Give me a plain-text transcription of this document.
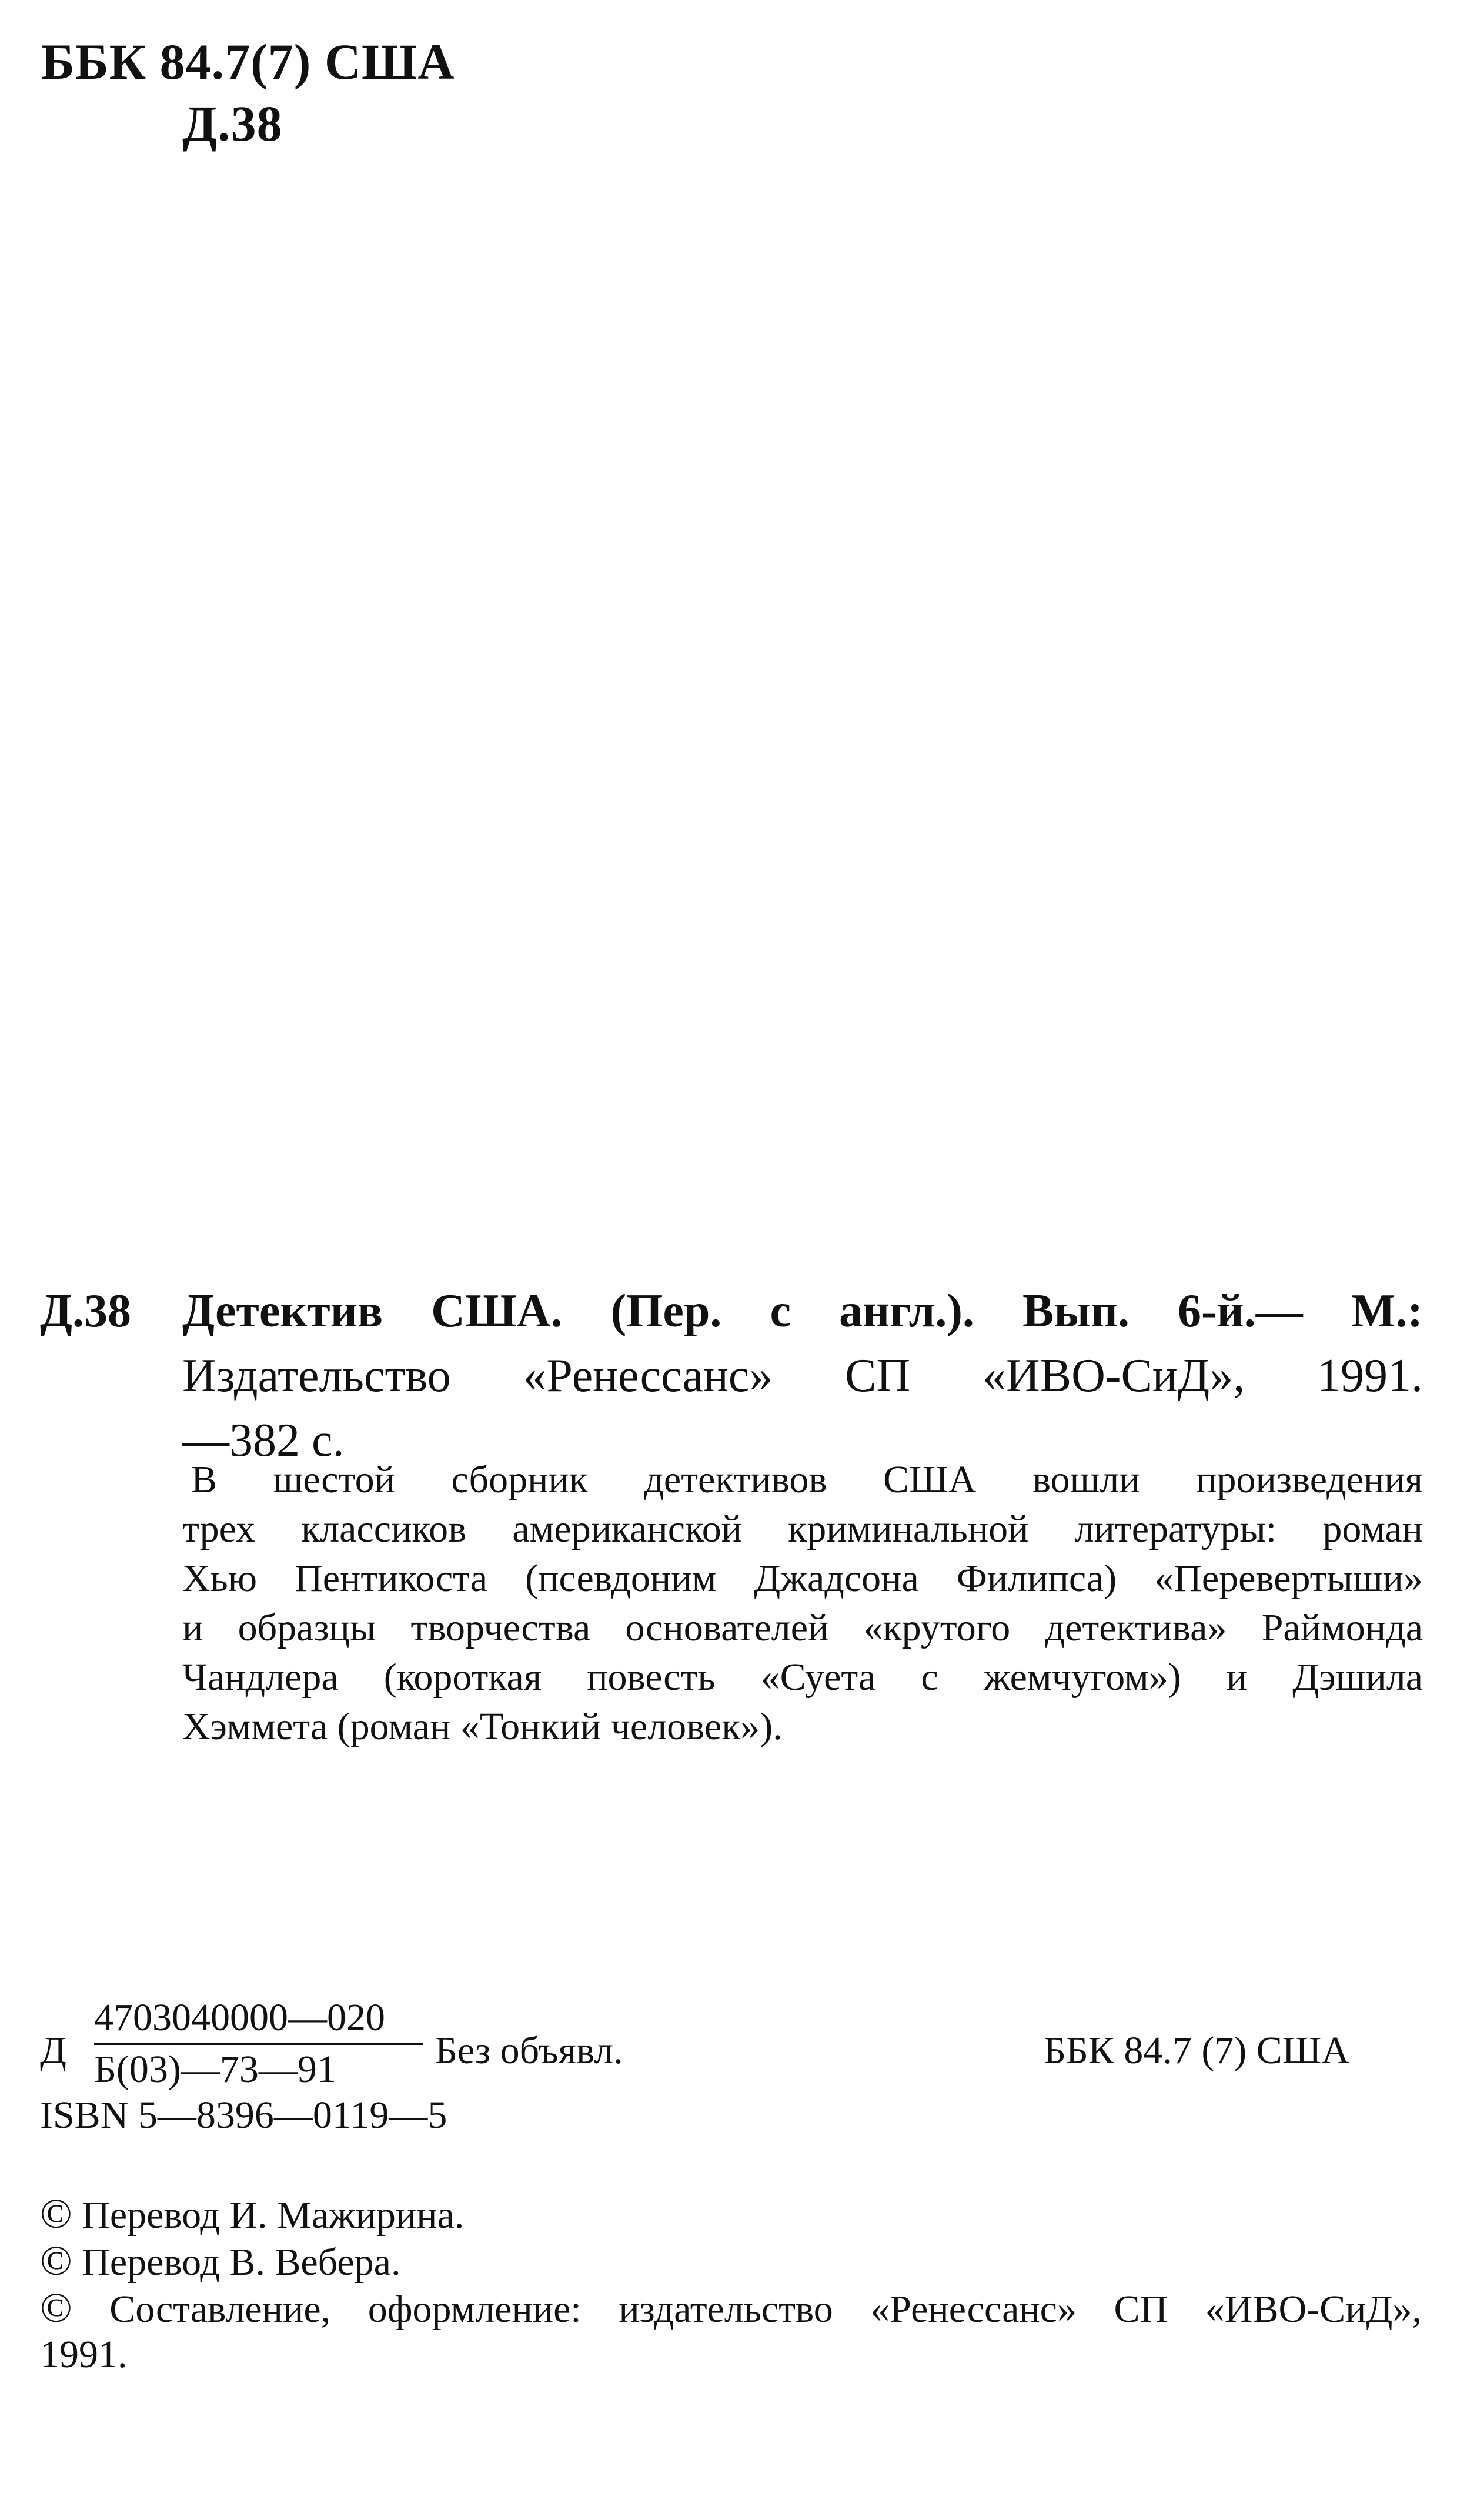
ББК 84.7(7) США
Д.38
Д.38 Детектив США. (Пер. с англ.). Вып. 6-й.— М.:
Издательство «Ренессанс» СП «ИВО-СиД», 1991.
—382 с.
В шестой сборник детективов США вошли произведения
трех классиков американской криминальной литературы: роман
Хью Пентикоста (псевдоним Джадсона Филипса) «Перевертыши»
и образцы творчества основателей «крутого детектива» Раймонда
Чандлера (короткая повесть «Суета с жемчугом») и Дэшила
Хэммета (роман «Тонкий человек»).
Д
4703040000—020
Б(03)—73—91	Без объявл.	ББК 84.7 (7) США
ISBN 5—8396—0119—5
© Перевод И. Мажирина.
© Перевод В. Вебера.
© Составление, оформление: издательство «Ренессанс» СП «ИВО-СиД»,
1991.
